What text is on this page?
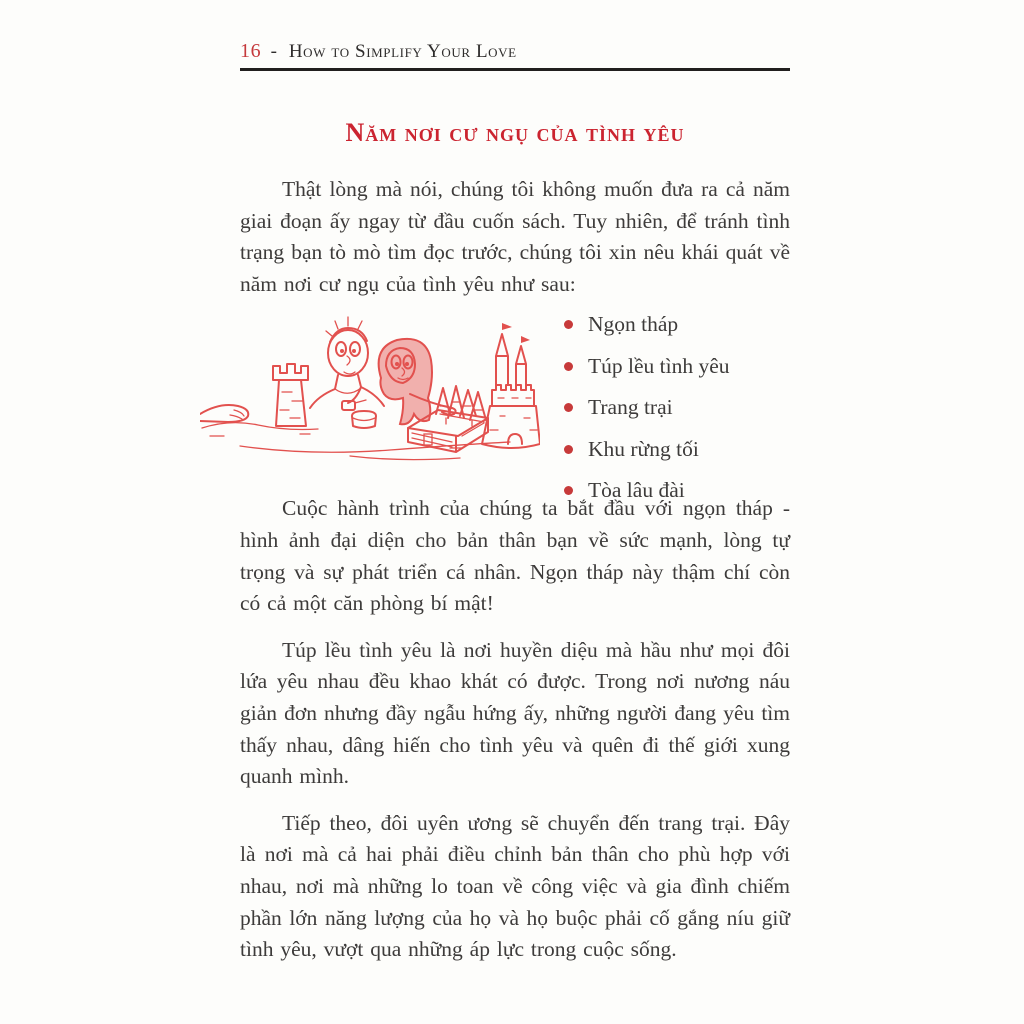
16 - How to Simplify Your Love
Năm nơi cư ngụ của tình yêu

Thật lòng mà nói, chúng tôi không muốn đưa ra cả năm giai đoạn ấy ngay từ đầu cuốn sách. Tuy nhiên, để tránh tình trạng bạn tò mò tìm đọc trước, chúng tôi xin nêu khái quát về năm nơi cư ngụ của tình yêu như sau:

Ngọn tháp
Túp lều tình yêu
Trang trại
Khu rừng tối
Tòa lâu đài

Cuộc hành trình của chúng ta bắt đầu với ngọn tháp - hình ảnh đại diện cho bản thân bạn về sức mạnh, lòng tự trọng và sự phát triển cá nhân. Ngọn tháp này thậm chí còn có cả một căn phòng bí mật!

Túp lều tình yêu là nơi huyền diệu mà hầu như mọi đôi lứa yêu nhau đều khao khát có được. Trong nơi nương náu giản đơn nhưng đầy ngẫu hứng ấy, những người đang yêu tìm thấy nhau, dâng hiến cho tình yêu và quên đi thế giới xung quanh mình.

Tiếp theo, đôi uyên ương sẽ chuyển đến trang trại. Đây là nơi mà cả hai phải điều chỉnh bản thân cho phù hợp với nhau, nơi mà những lo toan về công việc và gia đình chiếm phần lớn năng lượng của họ và họ buộc phải cố gắng níu giữ tình yêu, vượt qua những áp lực trong cuộc sống.
